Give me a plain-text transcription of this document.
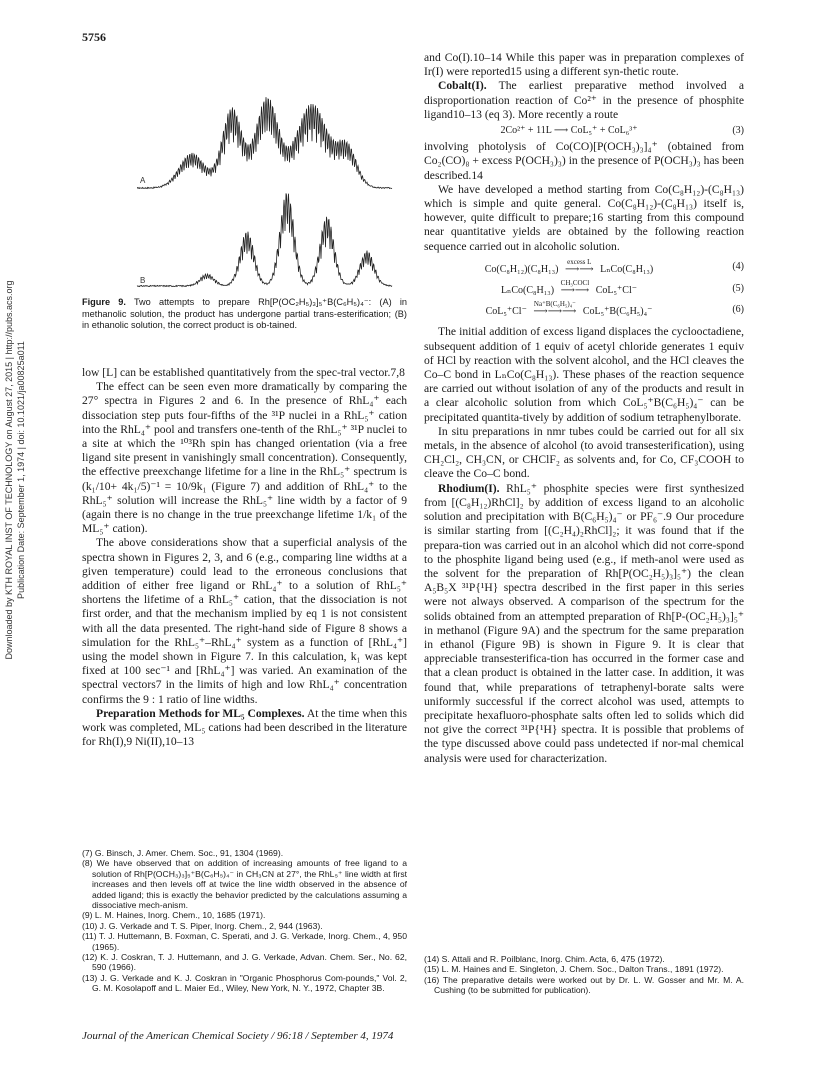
5756
Downloaded by KTH ROYAL INST OF TECHNOLOGY on August 27, 2015 | http://pubs.acs.org Publication Date: September 1, 1974 | doi: 10.1021/ja00825a011
A
B
Figure 9. Two attempts to prepare Rh[P(OC₂H₅)₃]₅⁺B(C₆H₅)₄⁻: (A) in methanolic solution, the product has undergone partial trans-esterification; (B) in ethanolic solution, the correct product is ob-tained.

low [L] can be established quantitatively from the spec-tral vector.7,8

The effect can be seen even more dramatically by comparing the 27° spectra in Figures 2 and 6. In the presence of RhL₄⁺ each dissociation step puts four-fifths of the ³¹P nuclei in a RhL₅⁺ cation into the RhL₄⁺ pool and transfers one-tenth of the RhL₅⁺ ³¹P nuclei to a site at which the ¹⁰³Rh spin has changed orientation (via a free ligand site present in vanishingly small concentration). Consequently, the effective preexchange lifetime for a line in the RhL₅⁺ spectrum is (k₁/10+ 4k₁/5)⁻¹ = 10/9k₁ (Figure 7) and addition of RhL₄⁺ to the RhL₅⁺ solution will increase the RhL₅⁺ line width by a factor of 9 (again there is no change in the true preexchange lifetime 1/k₁ of the ML₅⁺ cation).

The above considerations show that a superficial analysis of the spectra shown in Figures 2, 3, and 6 (e.g., comparing line widths at a given temperature) could lead to the erroneous conclusions that addition of either free ligand or RhL₄⁺ to a solution of RhL₅⁺ shortens the lifetime of a RhL₅⁺ cation, that the dissociation is not first order, and that the mechanism implied by eq 1 is not consistent with all the data presented. The right-hand side of Figure 8 shows a simulation for the RhL₅⁺–RhL₄⁺ system as a function of [RhL₄⁺] using the model shown in Figure 7. In this calculation, k₁ was kept fixed at 100 sec⁻¹ and [RhL₄⁺] was varied. An examination of the spectral vectors7 in the limits of high and low RhL₄⁺ concentration confirms the 9 : 1 ratio of line widths.

Preparation Methods for ML₅ Complexes. At the time when this work was completed, ML₅ cations had been described in the literature for Rh(I),9 Ni(II),10–13

(7) G. Binsch, J. Amer. Chem. Soc., 91, 1304 (1969).
(8) We have observed that on addition of increasing amounts of free ligand to a solution of Rh[P(OCH₃)₃]₅⁺B(C₆H₅)₄⁻ in CH₃CN at 27°, the RhL₅⁺ line width at first increases and then levels off at twice the line width observed in the absence of added ligand; this is exactly the behavior predicted by the calculations assuming a dissociative mech-anism.
(9) L. M. Haines, Inorg. Chem., 10, 1685 (1971).
(10) J. G. Verkade and T. S. Piper, Inorg. Chem., 2, 944 (1963).
(11) T. J. Huttemann, B. Foxman, C. Sperati, and J. G. Verkade, Inorg. Chem., 4, 950 (1965).
(12) K. J. Coskran, T. J. Huttemann, and J. G. Verkade, Advan. Chem. Ser., No. 62, 590 (1966).
(13) J. G. Verkade and K. J. Coskran in "Organic Phosphorus Com-pounds," Vol. 2, G. M. Kosolapoff and L. Maier Ed., Wiley, New York, N. Y., 1972, Chapter 3B.

and Co(I).10–14 While this paper was in preparation complexes of Ir(I) were reported15 using a different syn-thetic route.

Cobalt(I). The earliest preparative method involved a disproportionation reaction of Co²⁺ in the presence of phosphite ligand10–13 (eq 3). More recently a route

2Co²⁺ + 11L ⟶ CoL₅⁺ + CoL₆³⁺	(3)

involving photolysis of Co(CO)[P(OCH₃)₃]₄⁺ (obtained from Co₂(CO)₈ + excess P(OCH₃)₃) in the presence of P(OCH₃)₃ has been described.14

We have developed a method starting from Co(C₈H₁₂)-(C₈H₁₃) which is simple and quite general. Co(C₈H₁₂)-(C₈H₁₃) itself is, however, quite difficult to prepare;16 starting from this compound near quantitative yields are obtained by the following reaction sequence carried out in alcoholic solution.

Co(C₈H₁₂)(C₈H₁₃)
excess L
⟶⟶ LₙCo(C₈H₁₃)	(4)
LₙCo(C₈H₁₃)
CH₃COCl
⟶⟶ CoL₅⁺Cl⁻	(5)
CoL₅⁺Cl⁻
Na⁺B(C₆H₅)₄⁻
⟶⟶⟶ CoL₅⁺B(C₆H₅)₄⁻	(6)

The initial addition of excess ligand displaces the cyclooctadiene, subsequent addition of 1 equiv of acetyl chloride generates 1 equiv of HCl by reaction with the solvent alcohol, and the HCl cleaves the Co–C bond in LₙCo(C₈H₁₃). These phases of the reaction sequence are carried out without isolation of any of the products and result in a clear alcoholic solution from which CoL₅⁺B(C₆H₅)₄⁻ can be precipitated quantita-tively by addition of sodium tetraphenylborate.

In situ preparations in nmr tubes could be carried out for all six metals, in the absence of alcohol (to avoid transesterification), using CH₂Cl₂, CH₃CN, or CHClF₂ as solvents and, for Co, CF₃COOH to cleave the Co–C bond.

Rhodium(I). RhL₅⁺ phosphite species were first synthesized from [(C₈H₁₂)RhCl]₂ by addition of excess ligand to an alcoholic solution and precipitation with B(C₆H₅)₄⁻ or PF₆⁻.9 Our procedure is similar starting from [(C₂H₄)₂RhCl]₂; it was found that if the prepara-tion was carried out in an alcohol which did not corre-spond to the phosphite ligand being used (e.g., if meth-anol were used as the solvent for the preparation of Rh[P(OC₂H₅)₃]₅⁺) the clean A₅B₅X ³¹P{¹H} spectra described in the first paper in this series were not always observed. A comparison of the spectrum for the solids obtained from an attempted preparation of Rh[P-(OC₂H₅)₃]₅⁺ in methanol (Figure 9A) and the spectrum for the same preparation in ethanol (Figure 9B) is shown in Figure 9. It is clear that appreciable transesterifica-tion has occurred in the former case and that a clean product is obtained in the latter case. In addition, it was found that, while preparations of tetraphenyl-borate salts were uniformly successful if the correct alcohol was used, attempts to precipitate hexafluoro-phosphate salts often led to solids which did not give the correct ³¹P{¹H} spectra. It is possible that problems of the type discussed above could pass undetected if nor-mal chemical analysis were used for characterization.

(14) S. Attali and R. Poilblanc, Inorg. Chim. Acta, 6, 475 (1972).
(15) L. M. Haines and E. Singleton, J. Chem. Soc., Dalton Trans., 1891 (1972).
(16) The preparative details were worked out by Dr. L. W. Gosser and Mr. M. A. Cushing (to be submitted for publication).
Journal of the American Chemical Society / 96:18 / September 4, 1974
